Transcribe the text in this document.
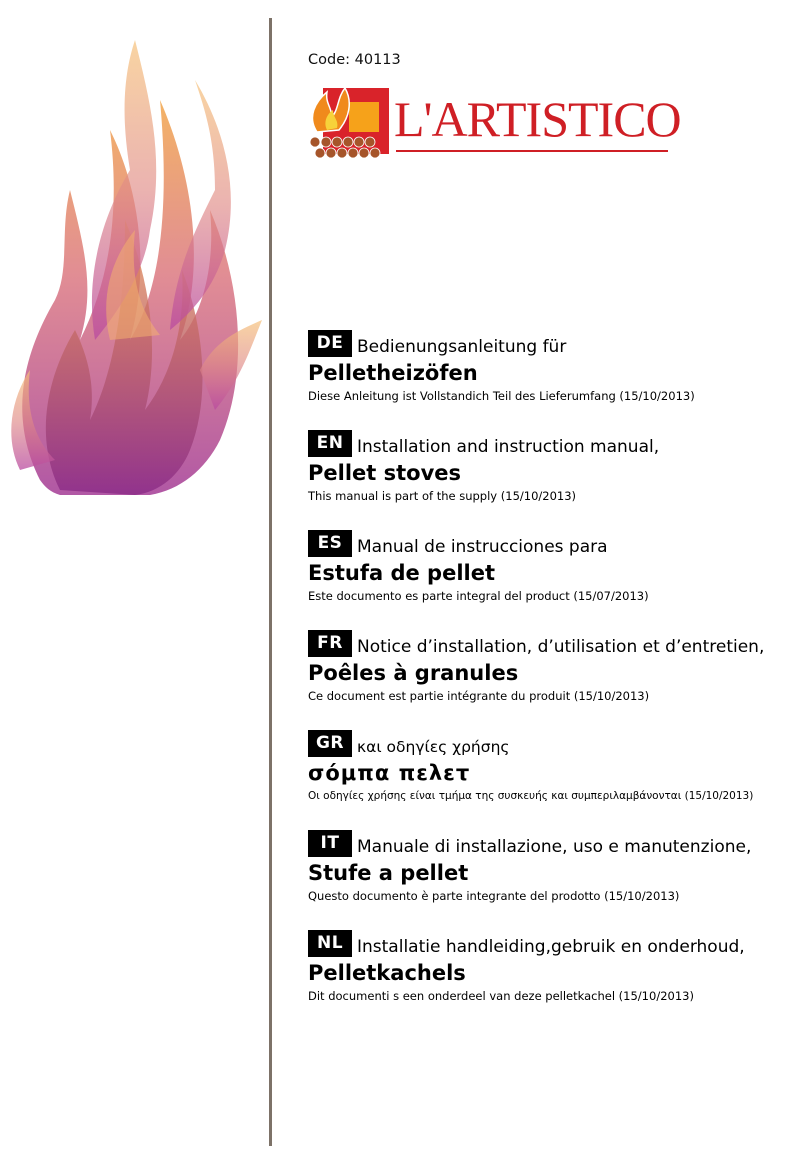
Code: 40113
L'ARTISTICO
DE Bedienungsanleitung für
Pelletheizöfen
Diese Anleitung ist Vollstandich Teil des Lieferumfang (15/10/2013)
EN Installation and instruction manual,
Pellet stoves
This manual is part of the supply (15/10/2013)
ES Manual de instrucciones para
Estufa de pellet
Este documento es parte integral del product (15/07/2013)
FR Notice d’installation, d’utilisation et d’entretien,
Poêles à granules
Ce document est partie intégrante du produit (15/10/2013)
GR και οδηγίες χρήσης
σόμπα πελετ
Οι οδηγίες χρήσης είναι τμήμα της συσκευής και συμπεριλαμβάνονται (15/10/2013)
IT	Manuale di installazione, uso e manutenzione,
Stufe a pellet
Questo documento è parte integrante del prodotto (15/10/2013)
NL Installatie handleiding,gebruik en onderhoud,
Pelletkachels
Dit documenti s een onderdeel van deze pelletkachel (15/10/2013)
